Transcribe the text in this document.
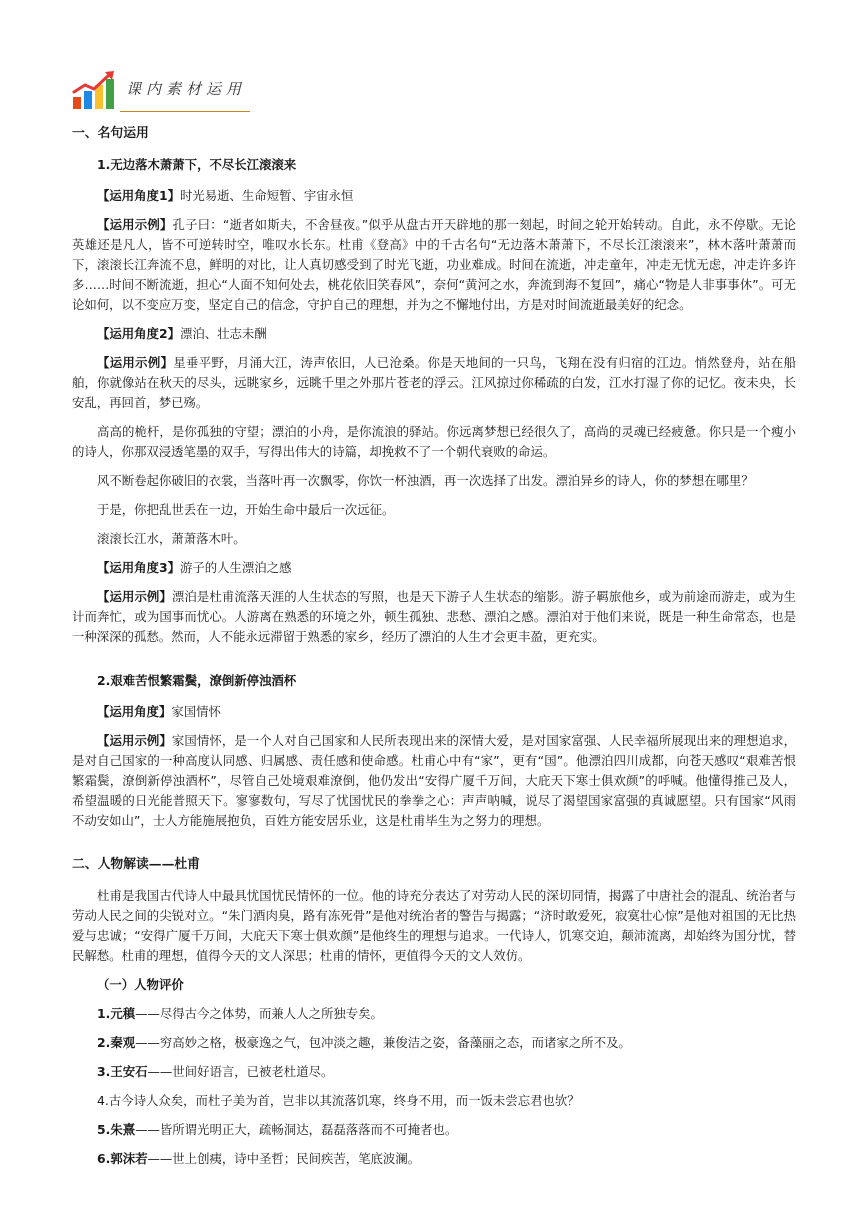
课内素材运用

一、名句运用

1.无边落木萧萧下，不尽长江滚滚来

【运用角度1】时光易逝、生命短暂、宇宙永恒

【运用示例】孔子曰：“逝者如斯夫，不舍昼夜。”似乎从盘古开天辟地的那一刻起，时间之轮开始转动。自此，永不停歇。无论英雄还是凡人，皆不可逆转时空，唯叹水长东。杜甫《登高》中的千古名句“无边落木萧萧下，不尽长江滚滚来”，林木落叶萧萧而下，滚滚长江奔流不息，鲜明的对比，让人真切感受到了时光飞逝，功业难成。时间在流逝，冲走童年，冲走无忧无虑，冲走许多许多……时间不断流逝，担心“人面不知何处去，桃花依旧笑春风”，奈何“黄河之水，奔流到海不复回”，痛心“物是人非事事休”。可无论如何，以不变应万变，坚定自己的信念，守护自己的理想，并为之不懈地付出，方是对时间流逝最美好的纪念。

【运用角度2】漂泊、壮志未酬

【运用示例】星垂平野，月涌大江，涛声依旧，人已沧桑。你是天地间的一只鸟，飞翔在没有归宿的江边。悄然登舟，站在船舶，你就像站在秋天的尽头，远眺家乡，远眺千里之外那片苍老的浮云。江风掠过你稀疏的白发，江水打湿了你的记忆。夜未央，长安乱，再回首，梦已殇。

高高的桅杆，是你孤独的守望；漂泊的小舟，是你流浪的驿站。你远离梦想已经很久了，高尚的灵魂已经疲惫。你只是一个瘦小的诗人，你那双浸透笔墨的双手，写得出伟大的诗篇，却挽救不了一个朝代衰败的命运。

风不断卷起你破旧的衣裳，当落叶再一次飘零，你饮一杯浊酒，再一次选择了出发。漂泊异乡的诗人，你的梦想在哪里？

于是，你把乱世丢在一边，开始生命中最后一次远征。

滚滚长江水，萧萧落木叶。

【运用角度3】游子的人生漂泊之感

【运用示例】漂泊是杜甫流落天涯的人生状态的写照，也是天下游子人生状态的缩影。游子羁旅他乡，或为前途而游走，或为生计而奔忙，或为国事而忧心。人游离在熟悉的环境之外，顿生孤独、悲愁、漂泊之感。漂泊对于他们来说，既是一种生命常态，也是一种深深的孤愁。然而，人不能永远滞留于熟悉的家乡，经历了漂泊的人生才会更丰盈，更充实。

2.艰难苦恨繁霜鬓，潦倒新停浊酒杯

【运用角度】家国情怀

【运用示例】家国情怀，是一个人对自己国家和人民所表现出来的深情大爱，是对国家富强、人民幸福所展现出来的理想追求，是对自己国家的一种高度认同感、归属感、责任感和使命感。杜甫心中有“家”，更有“国”。他漂泊四川成都，向苍天感叹“艰难苦恨繁霜鬓，潦倒新停浊酒杯”，尽管自己处境艰难潦倒，他仍发出“安得广厦千万间，大庇天下寒士俱欢颜”的呼喊。他懂得推己及人，希望温暖的日光能普照天下。寥寥数句，写尽了忧国忧民的拳拳之心：声声呐喊，说尽了渴望国家富强的真诚愿望。只有国家“风雨不动安如山”，士人方能施展抱负，百姓方能安居乐业，这是杜甫毕生为之努力的理想。

二、人物解读——杜甫

杜甫是我国古代诗人中最具忧国忧民情怀的一位。他的诗充分表达了对劳动人民的深切同情，揭露了中唐社会的混乱、统治者与劳动人民之间的尖锐对立。“朱门酒肉臭，路有冻死骨”是他对统治者的警告与揭露；“济时敢爱死，寂寞壮心惊”是他对祖国的无比热爱与忠诚；“安得广厦千万间，大庇天下寒士俱欢颜”是他终生的理想与追求。一代诗人，饥寒交迫，颠沛流离，却始终为国分忧，替民解愁。杜甫的理想，值得今天的文人深思；杜甫的情怀，更值得今天的文人效仿。

（一）人物评价

1.元稹——尽得古今之体势，而兼人人之所独专矣。

2.秦观——穷高妙之格，极豪逸之气，包冲淡之趣，兼俊洁之姿，备藻丽之态，而诸家之所不及。

3.王安石——世间好语言，已被老杜道尽。

4.古今诗人众矣，而杜子美为首，岂非以其流落饥寒，终身不用，而一饭未尝忘君也欤？

5.朱熹——皆所谓光明正大，疏畅洞达，磊磊落落而不可掩者也。

6.郭沫若——世上创痍，诗中圣哲；民间疾苦，笔底波澜。
